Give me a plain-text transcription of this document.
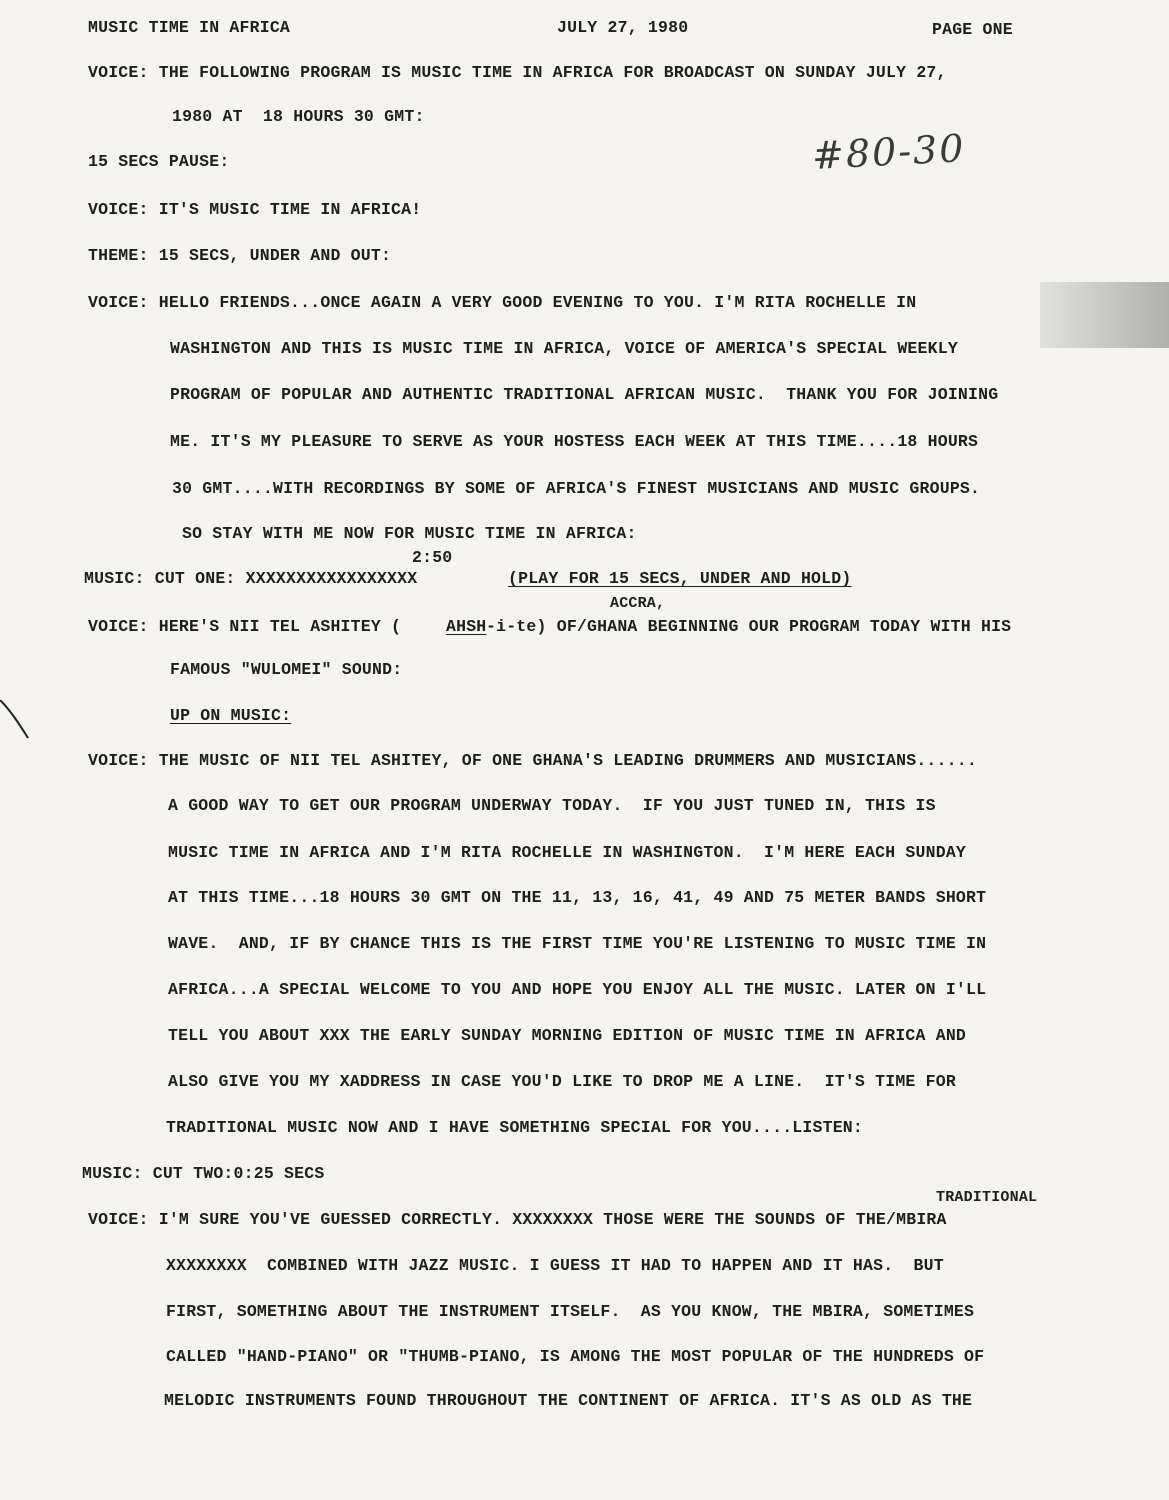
MUSIC TIME IN AFRICA	JULY 27, 1980	PAGE ONE
#80-30
VOICE: THE FOLLOWING PROGRAM IS MUSIC TIME IN AFRICA FOR BROADCAST ON SUNDAY JULY 27,
1980 AT  18 HOURS 30 GMT:
15 SECS PAUSE:
VOICE: IT'S MUSIC TIME IN AFRICA!
THEME: 15 SECS, UNDER AND OUT:
VOICE: HELLO FRIENDS...ONCE AGAIN A VERY GOOD EVENING TO YOU. I'M RITA ROCHELLE IN
WASHINGTON AND THIS IS MUSIC TIME IN AFRICA, VOICE OF AMERICA'S SPECIAL WEEKLY
PROGRAM OF POPULAR AND AUTHENTIC TRADITIONAL AFRICAN MUSIC.  THANK YOU FOR JOINING
ME. IT'S MY PLEASURE TO SERVE AS YOUR HOSTESS EACH WEEK AT THIS TIME....18 HOURS
30 GMT....WITH RECORDINGS BY SOME OF AFRICA'S FINEST MUSICIANS AND MUSIC GROUPS.
SO STAY WITH ME NOW FOR MUSIC TIME IN AFRICA:
2:50
MUSIC: CUT ONE: XXXXXXXXXXXXXXXXX	(PLAY FOR 15 SECS, UNDER AND HOLD)
ACCRA,
VOICE: HERE'S NII TEL ASHITEY (	AHSH -i-te) OF/GHANA BEGINNING OUR PROGRAM TODAY WITH HIS
FAMOUS "WULOMEI" SOUND:
UP ON MUSIC:
VOICE: THE MUSIC OF NII TEL ASHITEY, OF ONE GHANA'S LEADING DRUMMERS AND MUSICIANS......
A GOOD WAY TO GET OUR PROGRAM UNDERWAY TODAY.  IF YOU JUST TUNED IN, THIS IS
MUSIC TIME IN AFRICA AND I'M RITA ROCHELLE IN WASHINGTON.  I'M HERE EACH SUNDAY
AT THIS TIME...18 HOURS 30 GMT ON THE 11, 13, 16, 41, 49 AND 75 METER BANDS SHORT
WAVE.  AND, IF BY CHANCE THIS IS THE FIRST TIME YOU'RE LISTENING TO MUSIC TIME IN
AFRICA...A SPECIAL WELCOME TO YOU AND HOPE YOU ENJOY ALL THE MUSIC. LATER ON I'LL
TELL YOU ABOUT XXX THE EARLY SUNDAY MORNING EDITION OF MUSIC TIME IN AFRICA AND
ALSO GIVE YOU MY XADDRESS IN CASE YOU'D LIKE TO DROP ME A LINE.  IT'S TIME FOR
TRADITIONAL MUSIC NOW AND I HAVE SOMETHING SPECIAL FOR YOU....LISTEN:
MUSIC: CUT TWO:0:25 SECS
TRADITIONAL
VOICE: I'M SURE YOU'VE GUESSED CORRECTLY. XXXXXXXX THOSE WERE THE SOUNDS OF THE/MBIRA
XXXXXXXX  COMBINED WITH JAZZ MUSIC. I GUESS IT HAD TO HAPPEN AND IT HAS.  BUT
FIRST, SOMETHING ABOUT THE INSTRUMENT ITSELF.  AS YOU KNOW, THE MBIRA, SOMETIMES
CALLED "HAND-PIANO" OR "THUMB-PIANO, IS AMONG THE MOST POPULAR OF THE HUNDREDS OF
MELODIC INSTRUMENTS FOUND THROUGHOUT THE CONTINENT OF AFRICA. IT'S AS OLD AS THE
